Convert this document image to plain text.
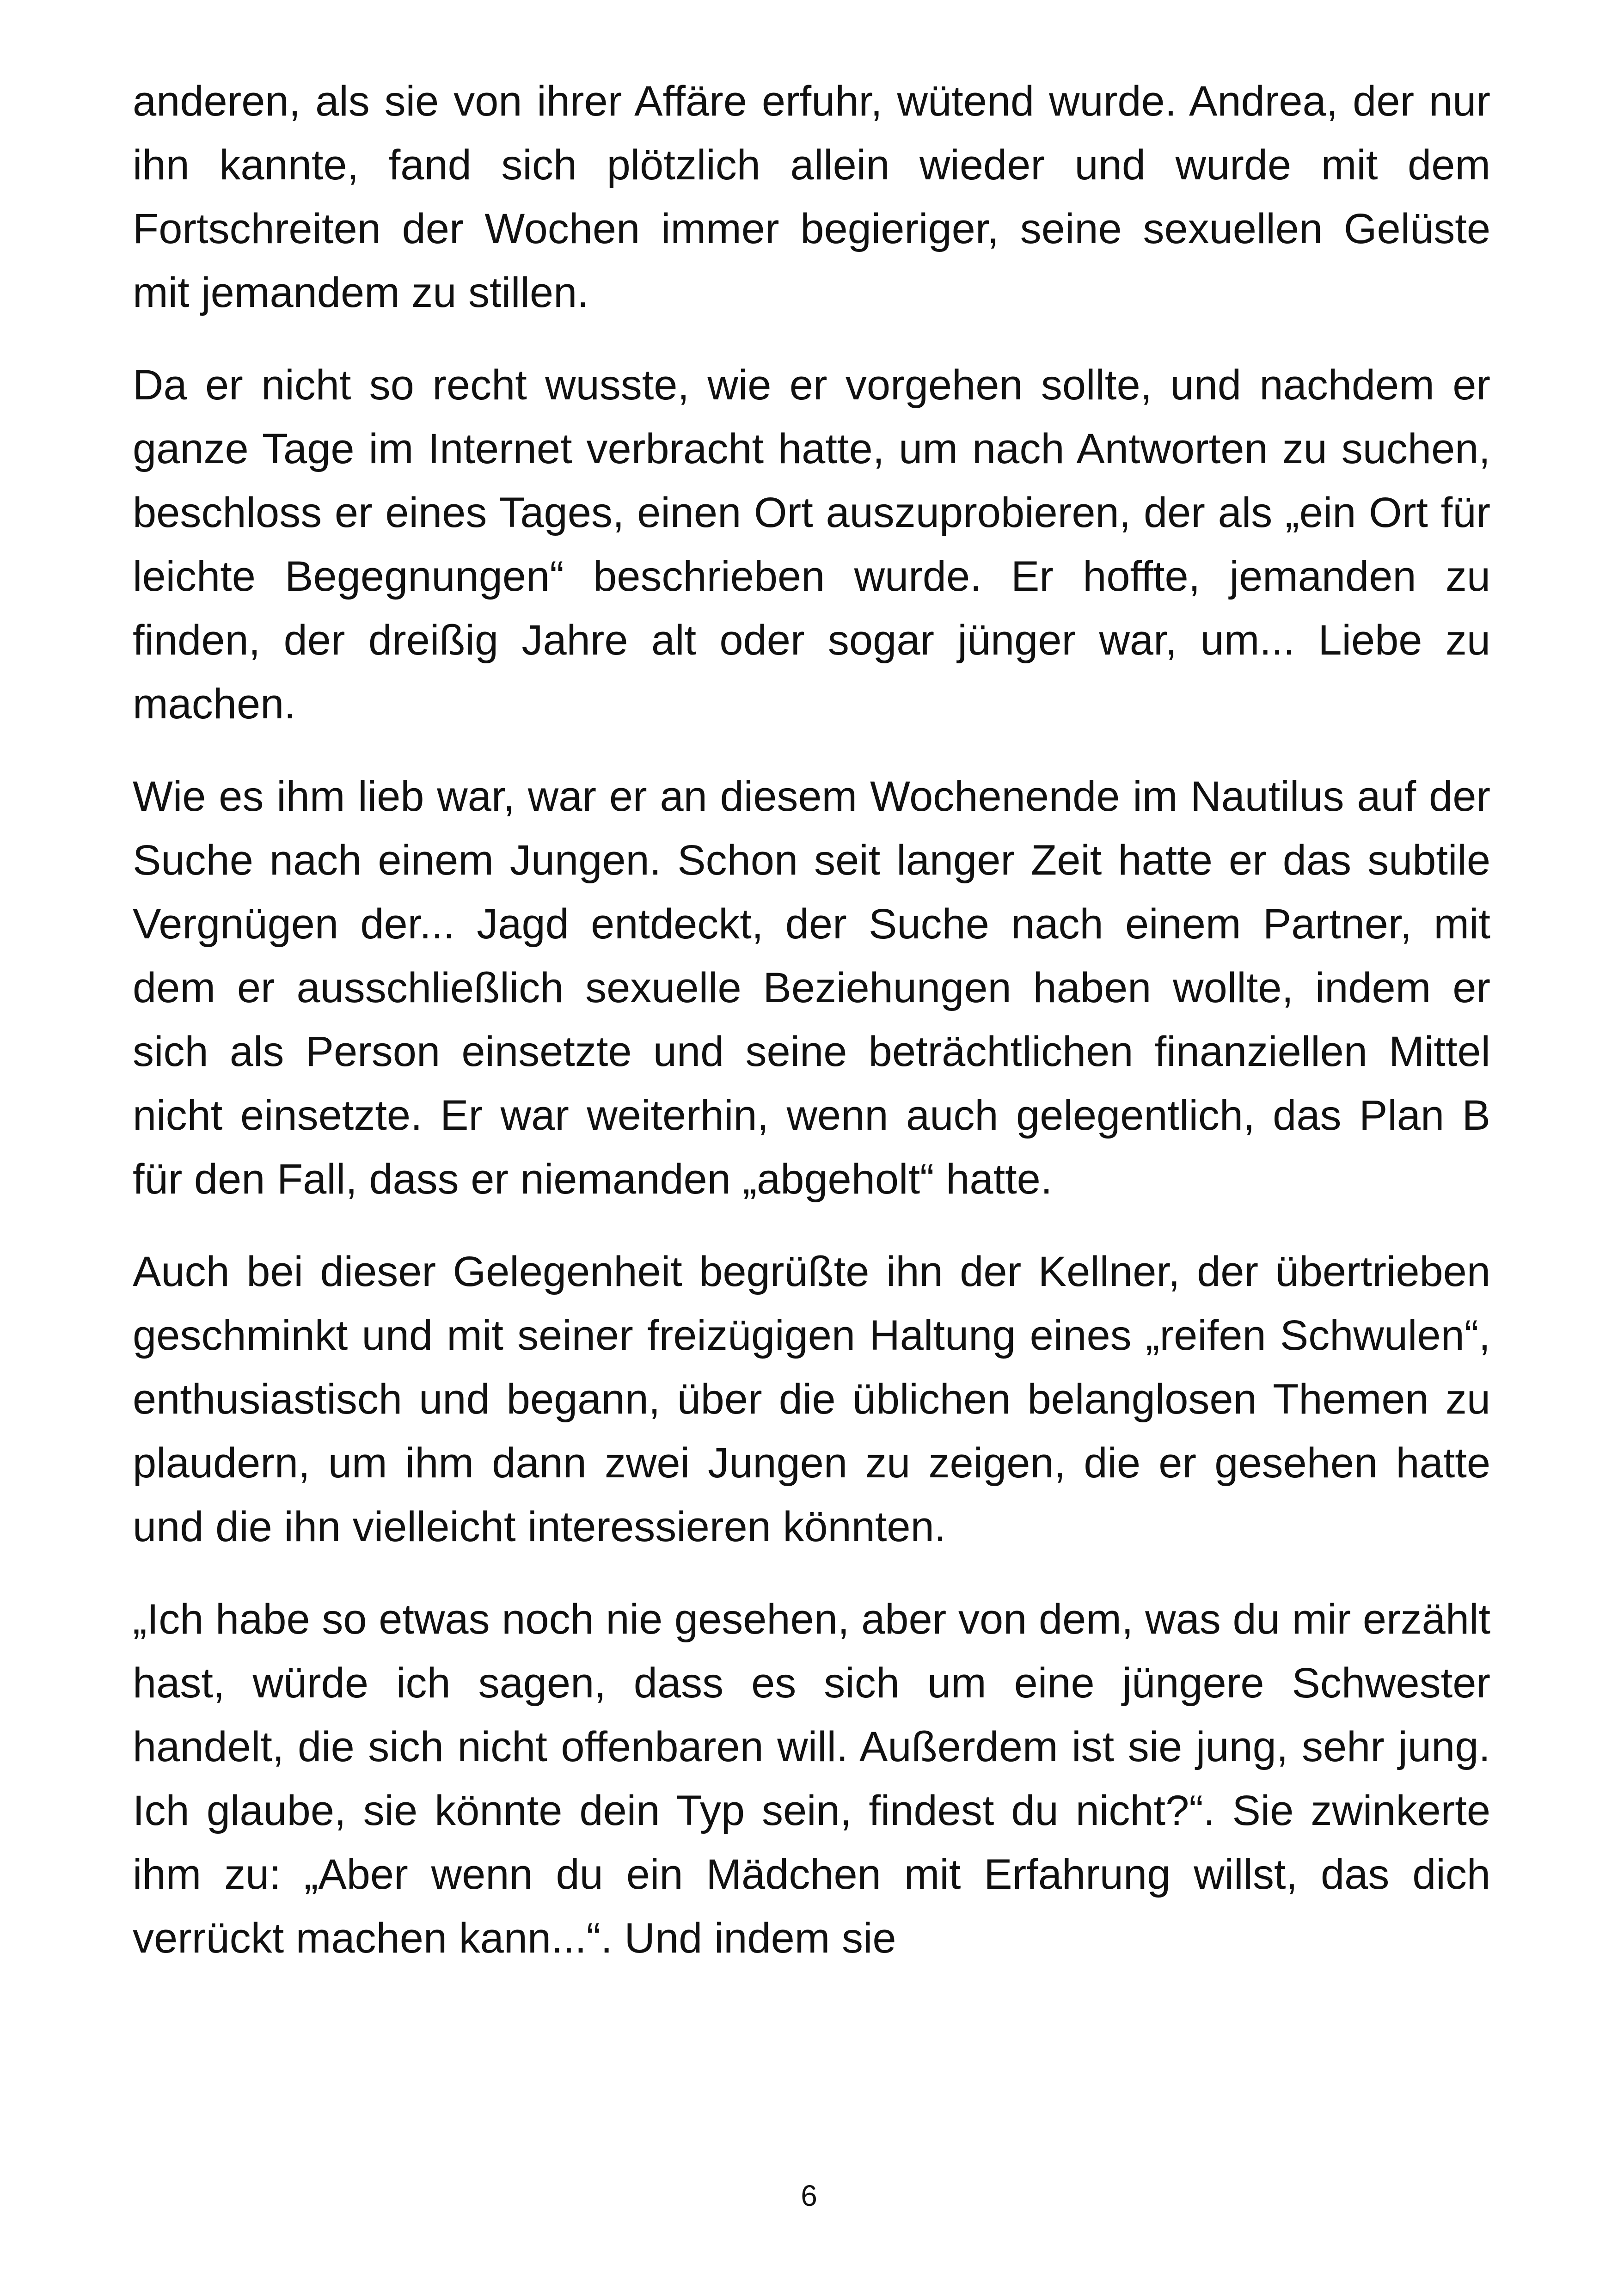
anderen, als sie von ihrer Affäre erfuhr, wütend wurde. Andrea, der nur ihn kannte, fand sich plötzlich allein wieder und wurde mit dem Fortschreiten der Wochen immer begieriger, seine sexuellen Gelüste mit jemandem zu stillen.

Da er nicht so recht wusste, wie er vorgehen sollte, und nachdem er ganze Tage im Internet verbracht hatte, um nach Antworten zu suchen, beschloss er eines Tages, einen Ort auszuprobieren, der als „ein Ort für leichte Begegnungen“ beschrieben wurde. Er hoffte, jemanden zu finden, der dreißig Jahre alt oder sogar jünger war, um... Liebe zu machen.

Wie es ihm lieb war, war er an diesem Wochenende im Nautilus auf der Suche nach einem Jungen. Schon seit langer Zeit hatte er das subtile Vergnügen der... Jagd entdeckt, der Suche nach einem Partner, mit dem er ausschließlich sexuelle Beziehungen haben wollte, indem er sich als Person einsetzte und seine beträchtlichen finanziellen Mittel nicht einsetzte. Er war weiterhin, wenn auch gelegentlich, das Plan B für den Fall, dass er niemanden „abgeholt“ hatte.

Auch bei dieser Gelegenheit begrüßte ihn der Kellner, der übertrieben geschminkt und mit seiner freizügigen Haltung eines „reifen Schwulen“, enthusiastisch und begann, über die üblichen belanglosen Themen zu plaudern, um ihm dann zwei Jungen zu zeigen, die er gesehen hatte und die ihn vielleicht interessieren könnten.

„Ich habe so etwas noch nie gesehen, aber von dem, was du mir erzählt hast, würde ich sagen, dass es sich um eine jüngere Schwester handelt, die sich nicht offenbaren will. Außerdem ist sie jung, sehr jung. Ich glaube, sie könnte dein Typ sein, findest du nicht?“. Sie zwinkerte ihm zu: „Aber wenn du ein Mädchen mit Erfahrung willst, das dich verrückt machen kann...“. Und indem sie

6
